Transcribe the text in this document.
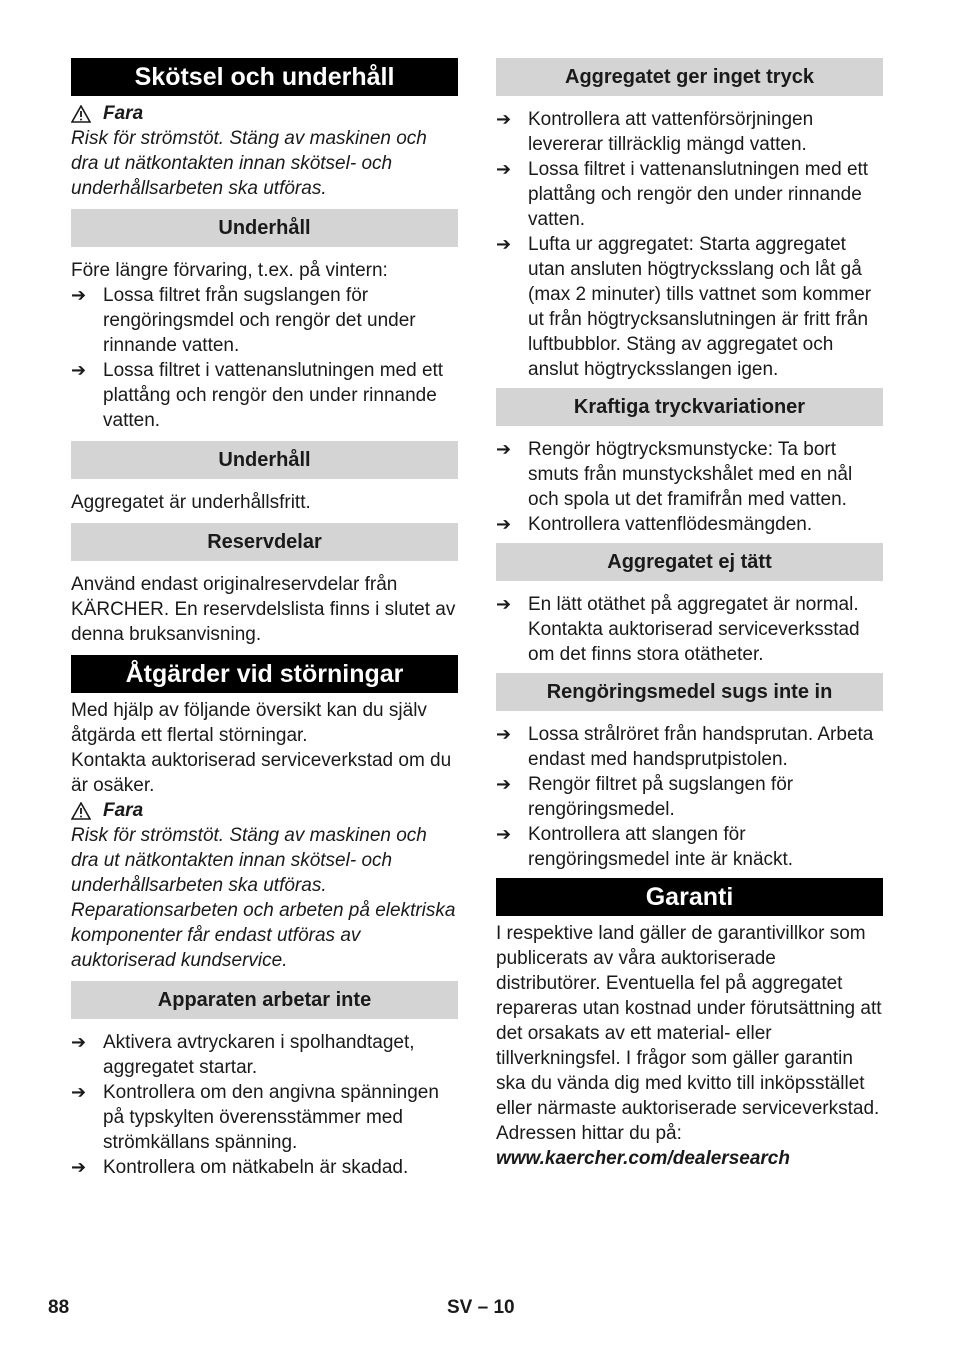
Skötsel och underhåll
Fara

Risk för strömstöt. Stäng av maskinen och dra ut nätkontakten innan skötsel- och underhållsarbeten ska utföras.

Underhåll

Före längre förvaring, t.ex. på vintern:

➔ Lossa filtret från sugslangen för rengöringsmdel och rengör det under rinnande vatten.
➔ Lossa filtret i vattenanslutningen med ett plattång och rengör den under rinnande vatten.
Underhåll

Aggregatet är underhållsfritt.

Reservdelar

Använd endast originalreservdelar från KÄRCHER. En reservdelslista finns i slutet av denna bruksanvisning.

Åtgärder vid störningar

Med hjälp av följande översikt kan du själv åtgärda ett flertal störningar.

Kontakta auktoriserad serviceverkstad om du är osäker.

Fara

Risk för strömstöt. Stäng av maskinen och dra ut nätkontakten innan skötsel- och underhållsarbeten ska utföras.

Reparationsarbeten och arbeten på elektriska komponenter får endast utföras av auktoriserad kundservice.

Apparaten arbetar inte
➔ Aktivera avtryckaren i spolhandtaget, aggregatet startar.
➔ Kontrollera om den angivna spänningen på typskylten överensstämmer med strömkällans spänning.
➔ Kontrollera om nätkabeln är skadad.
Aggregatet ger inget tryck
➔ Kontrollera att vattenförsörjningen levererar tillräcklig mängd vatten.
➔ Lossa filtret i vattenanslutningen med ett plattång och rengör den under rinnande vatten.
➔ Lufta ur aggregatet: Starta aggregatet utan ansluten högtrycksslang och låt gå (max 2 minuter) tills vattnet som kommer ut från högtrycksanslutningen är fritt från luftbubblor. Stäng av aggregatet och anslut högtrycksslangen igen.
Kraftiga tryckvariationer
➔ Rengör högtrycksmunstycke: Ta bort smuts från munstyckshålet med en nål och spola ut det framifrån med vatten.
➔ Kontrollera vattenflödesmängden.
Aggregatet ej tätt
➔ En lätt otäthet på aggregatet är normal. Kontakta auktoriserad serviceverksstad om det finns stora otätheter.
Rengöringsmedel sugs inte in
➔ Lossa strålröret från handsprutan. Arbeta endast med handsprutpistolen.
➔ Rengör filtret på sugslangen för rengöringsmedel.
➔ Kontrollera att slangen för rengöringsmedel inte är knäckt.
Garanti

I respektive land gäller de garantivillkor som publicerats av våra auktoriserade distributörer. Eventuella fel på aggregatet repareras utan kostnad under förutsättning att det orsakats av ett material- eller tillverkningsfel. I frågor som gäller garantin ska du vända dig med kvitto till inköpsstället eller närmaste auktoriserade serviceverkstad.

Adressen hittar du på:

www.kaercher.com/dealersearch

88	SV – 10
